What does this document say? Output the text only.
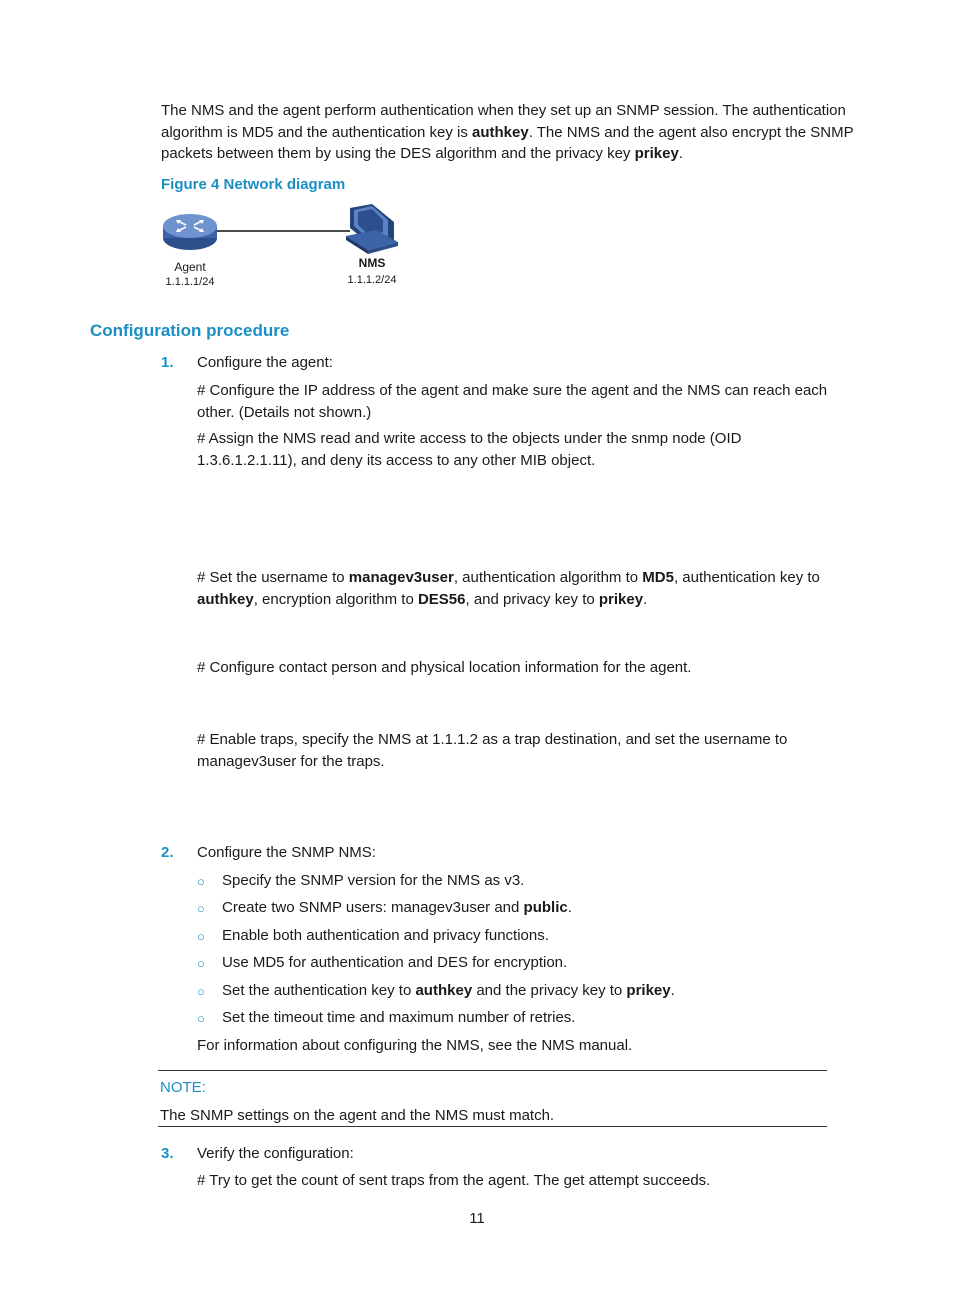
The NMS and the agent perform authentication when they set up an SNMP session. The authentication
algorithm is MD5 and the authentication key is authkey. The NMS and the agent also encrypt the SNMP
packets between them by using the DES algorithm and the privacy key prikey.
Figure 4 Network diagram
Agent
1.1.1.1/24
NMS
1.1.1.2/24
Configuration procedure
1. Configure the agent:
# Configure the IP address of the agent and make sure the agent and the NMS can reach each
other. (Details not shown.)
# Assign the NMS read and write access to the objects under the snmp node (OID
1.3.6.1.2.1.11), and deny its access to any other MIB object.
# Set the username to managev3user, authentication algorithm to MD5, authentication key to
authkey, encryption algorithm to DES56, and privacy key to prikey.
# Configure contact person and physical location information for the agent.
# Enable traps, specify the NMS at 1.1.1.2 as a trap destination, and set the username to
managev3user for the traps.
2. Configure the SNMP NMS:
○ Specify the SNMP version for the NMS as v3.
○ Create two SNMP users: managev3user and public.
○ Enable both authentication and privacy functions.
○ Use MD5 for authentication and DES for encryption.
○ Set the authentication key to authkey and the privacy key to prikey.
○ Set the timeout time and maximum number of retries.
For information about configuring the NMS, see the NMS manual.
NOTE:
The SNMP settings on the agent and the NMS must match.
3. Verify the configuration:
# Try to get the count of sent traps from the agent. The get attempt succeeds.
11
